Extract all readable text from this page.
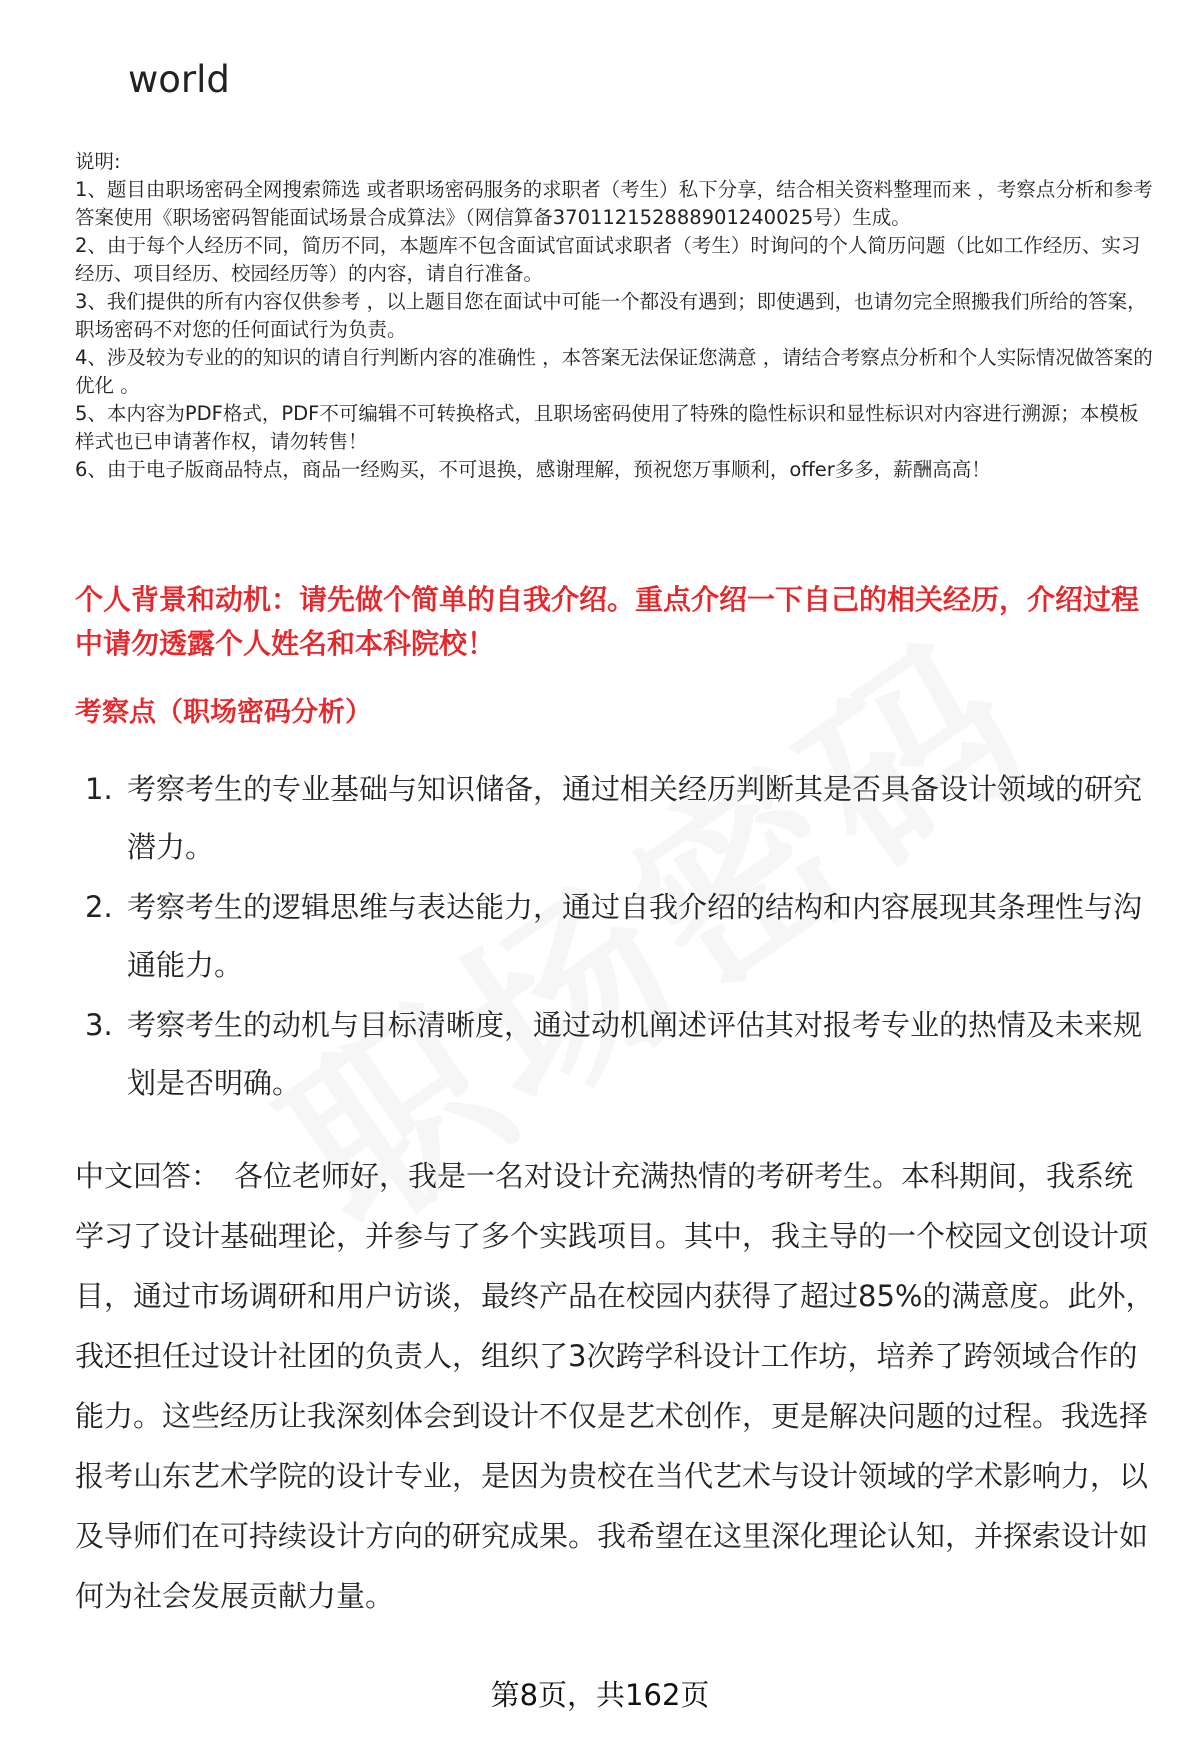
world

说明:

1、题目由职场密码全网搜索筛选 或者职场密码服务的求职者（考生）私下分享，结合相关资料整理而来 ，考察点分析和参考答案使用《职场密码智能面试场景合成算法》（网信算备370112152888901240025号）生成。

2、由于每个人经历不同，简历不同，本题库不包含面试官面试求职者（考生）时询问的个人简历问题（比如工作经历、实习经历、项目经历、校园经历等）的内容，请自行准备。

3、我们提供的所有内容仅供参考 ，以上题目您在面试中可能一个都没有遇到；即使遇到，也请勿完全照搬我们所给的答案，职场密码不对您的任何面试行为负责。

4、涉及较为专业的的知识的请自行判断内容的准确性 ，本答案无法保证您满意 ，请结合考察点分析和个人实际情况做答案的优化 。

5、本内容为PDF格式，PDF不可编辑不可转换格式，且职场密码使用了特殊的隐性标识和显性标识对内容进行溯源；本模板样式也已申请著作权，请勿转售！

6、由于电子版商品特点，商品一经购买，不可退换，感谢理解，预祝您万事顺利，offer多多，薪酬高高！

个人背景和动机：请先做个简单的自我介绍。重点介绍一下自己的相关经历，介绍过程中请勿透露个人姓名和本科院校！
考察点（职场密码分析）
1. 考察考生的专业基础与知识储备，通过相关经历判断其是否具备设计领域的研究潜力。
2. 考察考生的逻辑思维与表达能力，通过自我介绍的结构和内容展现其条理性与沟通能力。
3. 考察考生的动机与目标清晰度，通过动机阐述评估其对报考专业的热情及未来规划是否明确。
中文回答： 各位老师好，我是一名对设计充满热情的考研考生。本科期间，我系统学习了设计基础理论，并参与了多个实践项目。其中，我主导的一个校园文创设计项目，通过市场调研和用户访谈，最终产品在校园内获得了超过85%的满意度。此外，我还担任过设计社团的负责人，组织了3次跨学科设计工作坊，培养了跨领域合作的能力。这些经历让我深刻体会到设计不仅是艺术创作，更是解决问题的过程。我选择报考山东艺术学院的设计专业，是因为贵校在当代艺术与设计领域的学术影响力，以及导师们在可持续设计方向的研究成果。我希望在这里深化理论认知，并探索设计如何为社会发展贡献力量。
第8页，共162页
